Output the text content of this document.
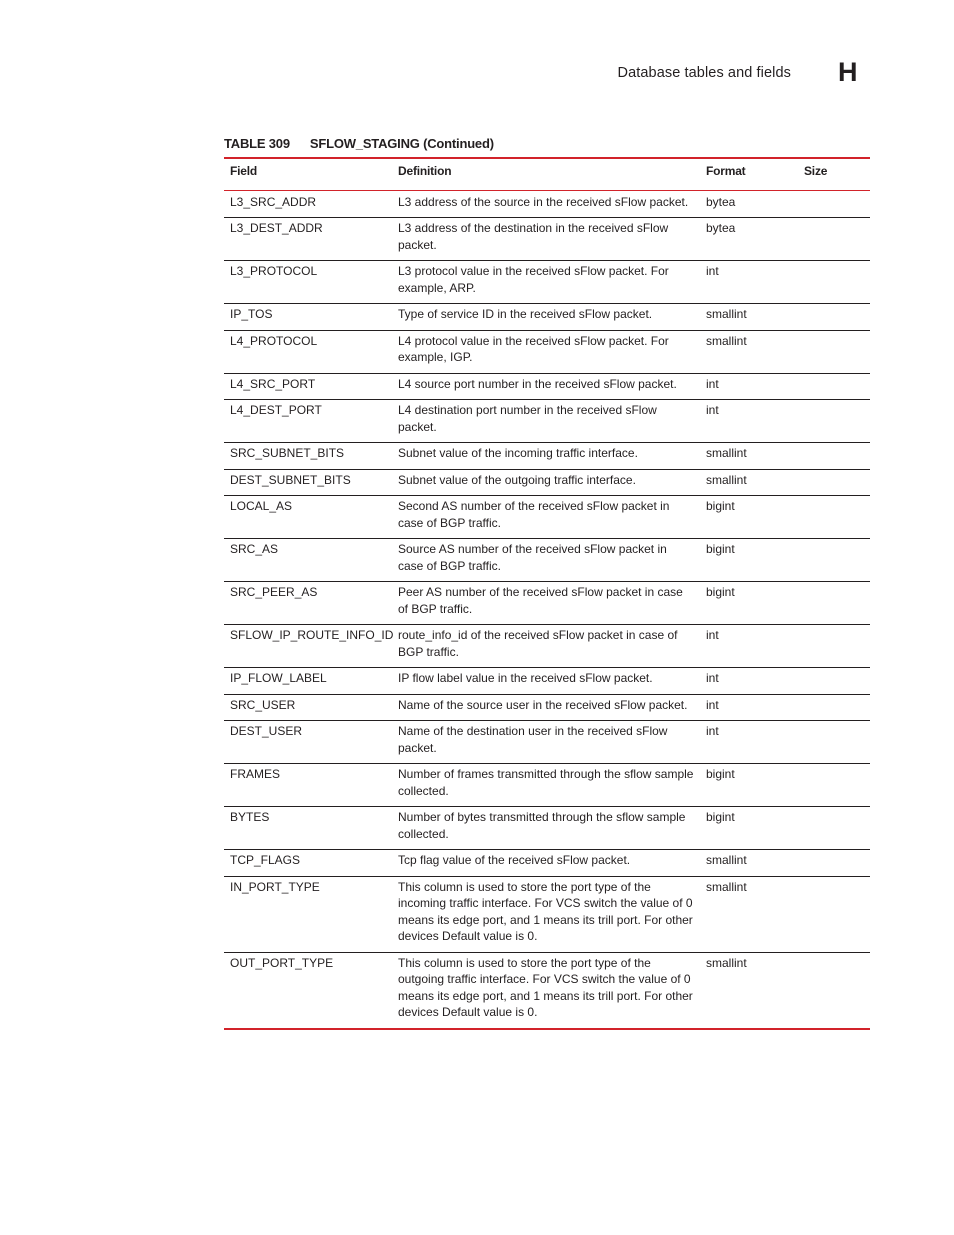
Database tables and fields H
TABLE 309 SFLOW_STAGING (Continued)
Field	Definition	Format	Size
L3_SRC_ADDR	L3 address of the source in the received sFlow packet.	bytea	
L3_DEST_ADDR	L3 address of the destination in the received sFlow packet.	bytea	
L3_PROTOCOL	L3 protocol value in the received sFlow packet. For example, ARP.	int	
IP_TOS	Type of service ID in the received sFlow packet.	smallint	
L4_PROTOCOL	L4 protocol value in the received sFlow packet. For example, IGP.	smallint	
L4_SRC_PORT	L4 source port number in the received sFlow packet.	int	
L4_DEST_PORT	L4 destination port number in the received sFlow packet.	int	
SRC_SUBNET_BITS	Subnet value of the incoming traffic interface.	smallint	
DEST_SUBNET_BITS	Subnet value of the outgoing traffic interface.	smallint	
LOCAL_AS	Second AS number of the received sFlow packet in case of BGP traffic.	bigint	
SRC_AS	Source AS number of the received sFlow packet in case of BGP traffic.	bigint	
SRC_PEER_AS	Peer AS number of the received sFlow packet in case of BGP traffic.	bigint	
SFLOW_IP_ROUTE_INFO_ID	route_info_id of the received sFlow packet in case of BGP traffic.	int	
IP_FLOW_LABEL	IP flow label value in the received sFlow packet.	int	
SRC_USER	Name of the source user in the received sFlow packet.	int	
DEST_USER	Name of the destination user in the received sFlow packet.	int	
FRAMES	Number of frames transmitted through the sflow sample collected.	bigint	
BYTES	Number of bytes transmitted through the sflow sample collected.	bigint	
TCP_FLAGS	Tcp flag value of the received sFlow packet.	smallint	
IN_PORT_TYPE	This column is used to store the port type of the incoming traffic interface. For VCS switch the value of 0 means its edge port, and 1 means its trill port. For other devices Default value is 0.	smallint	
OUT_PORT_TYPE	This column is used to store the port type of the outgoing traffic interface. For VCS switch the value of 0 means its edge port, and 1 means its trill port. For other devices Default value is 0.	smallint	
